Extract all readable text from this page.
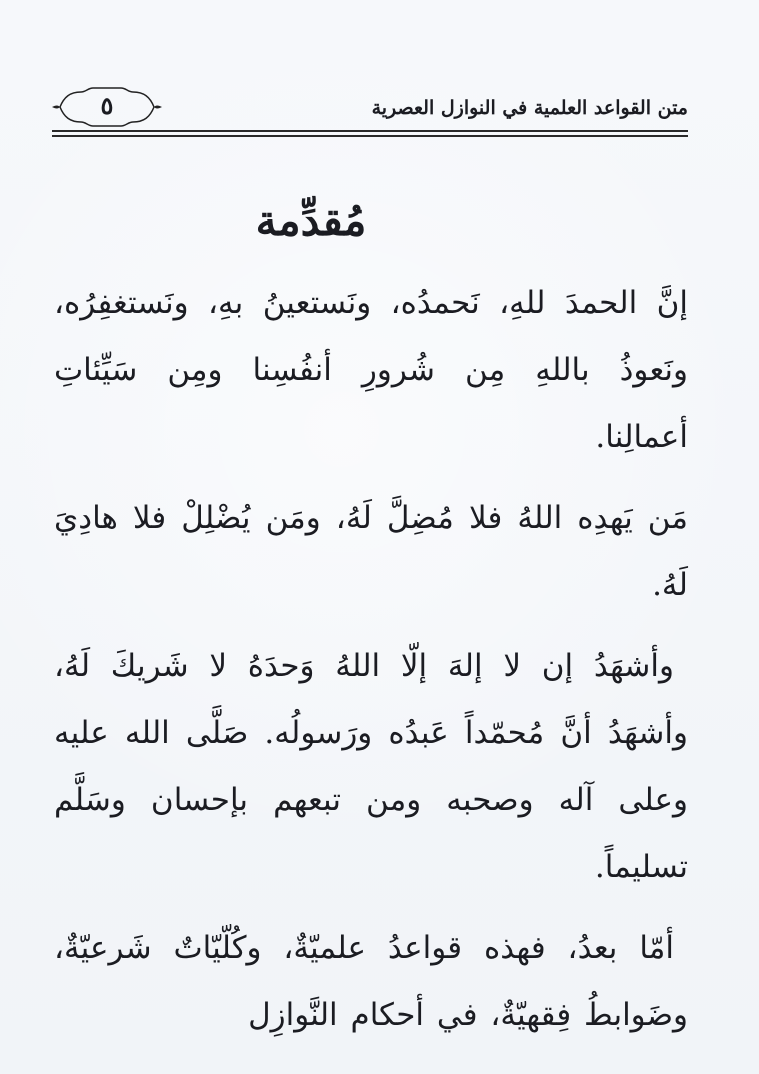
٥	متن القواعد العلمية في النوازل العصرية
مُقدِّمة

إنَّ الحمدَ للهِ، نَحمدُه، ونَستعينُ بهِ، ونَستغفِرُه، ونَعوذُ باللهِ مِن شُرورِ أنفُسِنا ومِن سَيِّئاتِ أعمالِنا.

مَن يَهدِه اللهُ فلا مُضِلَّ لَهُ، ومَن يُضْلِلْ فلا هادِيَ لَهُ.

وأشهَدُ إن لا إلهَ إلّا اللهُ وَحدَهُ لا شَريكَ لَهُ، وأشهَدُ أنَّ مُحمّداً عَبدُه ورَسولُه. صَلَّى الله عليه وعلى آله وصحبه ومن تبعهم بإحسان وسَلَّم تسليماً.

أمّا بعدُ، فهذه قواعدُ علميّةٌ، وكُلّيّاتٌ شَرعيّةٌ، وضَوابطُ فِقهيّةٌ، في أحكام النَّوازِل
